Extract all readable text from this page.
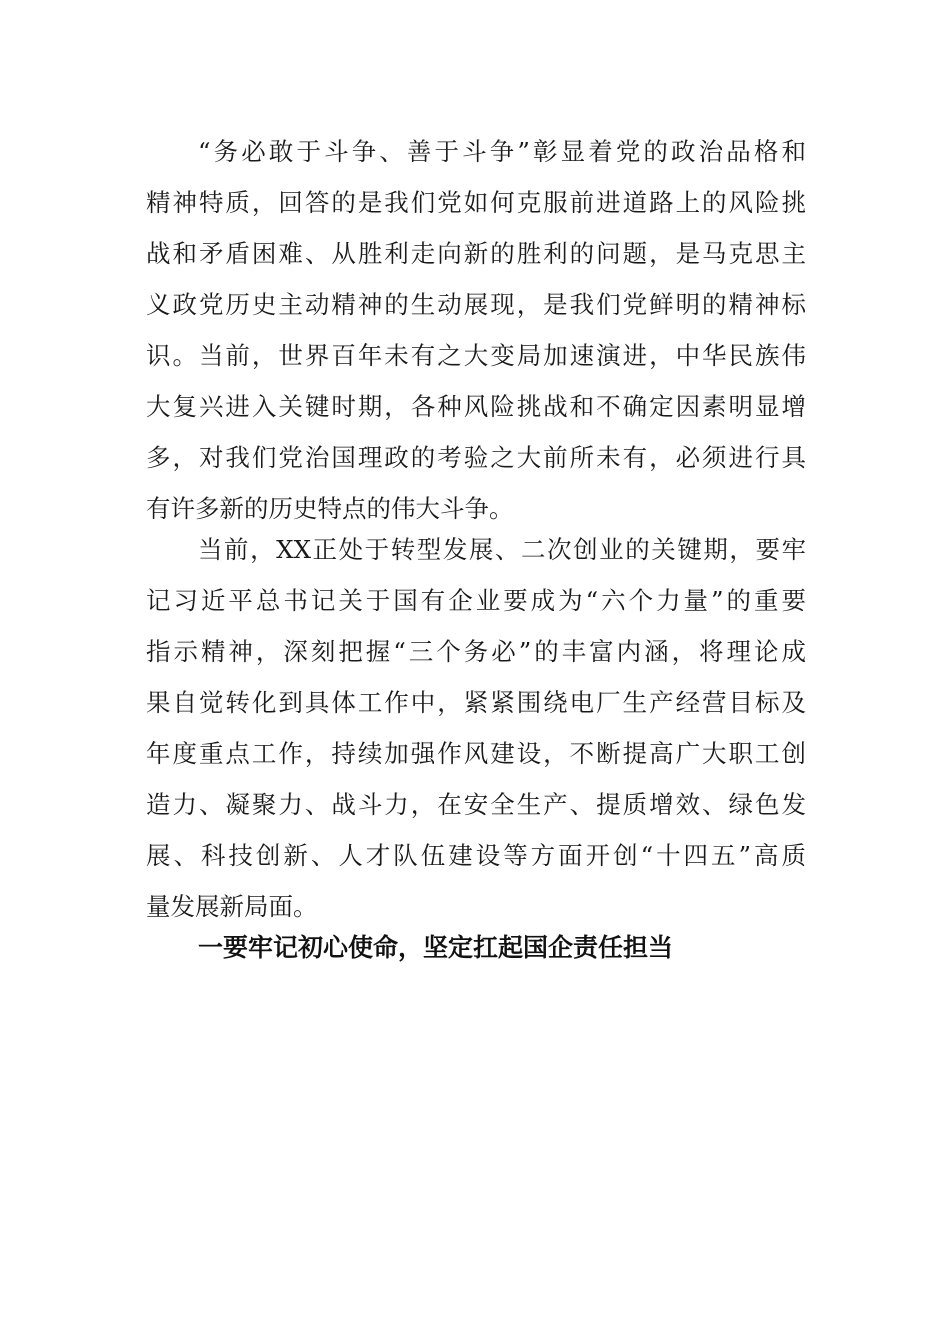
“务必敢于斗争、善于斗争”彰显着党的政治品格和
精神特质，回答的是我们党如何克服前进道路上的风险挑
战和矛盾困难、从胜利走向新的胜利的问题，是马克思主
义政党历史主动精神的生动展现，是我们党鲜明的精神标
识。当前，世界百年未有之大变局加速演进，中华民族伟
大复兴进入关键时期，各种风险挑战和不确定因素明显增
多，对我们党治国理政的考验之大前所未有，必须进行具
有许多新的历史特点的伟大斗争。
当前，XX正处于转型发展、二次创业的关键期，要牢
记习近平总书记关于国有企业要成为“六个力量”的重要
指示精神，深刻把握“三个务必”的丰富内涵，将理论成
果自觉转化到具体工作中，紧紧围绕电厂生产经营目标及
年度重点工作，持续加强作风建设，不断提高广大职工创
造力、凝聚力、战斗力，在安全生产、提质增效、绿色发
展、科技创新、人才队伍建设等方面开创“十四五”高质
量发展新局面。
一要牢记初心使命，坚定扛起国企责任担当
